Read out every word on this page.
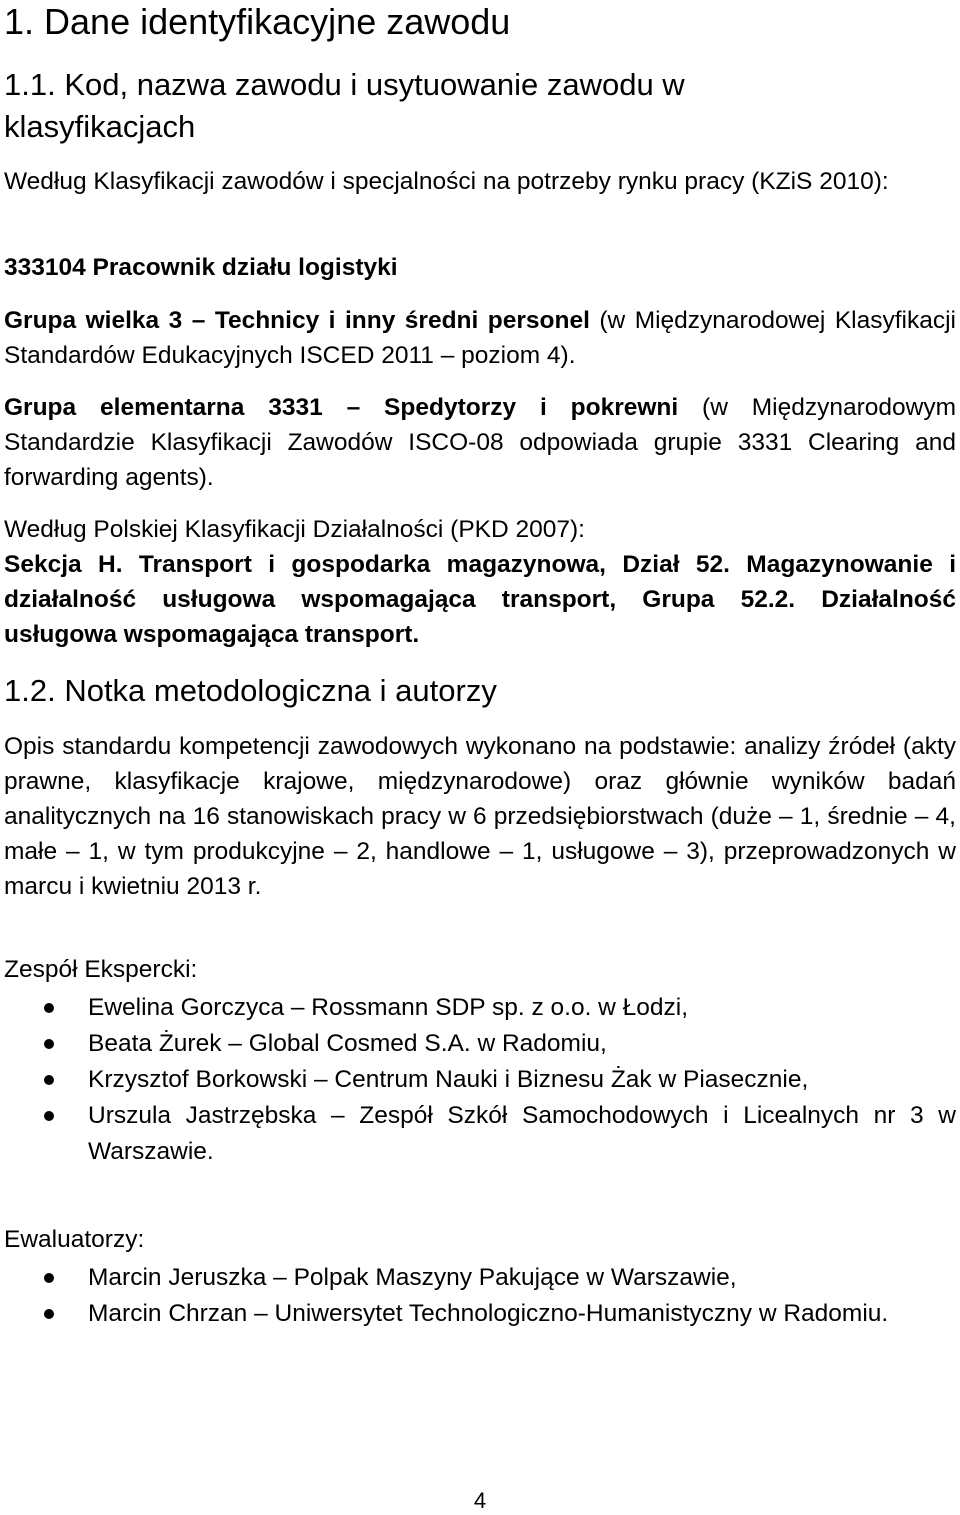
1. Dane identyfikacyjne zawodu
1.1. Kod, nazwa zawodu i usytuowanie zawodu w klasyfikacjach

Według Klasyfikacji zawodów i specjalności na potrzeby rynku pracy (KZiS 2010):

333104 Pracownik działu logistyki

Grupa wielka 3 – Technicy i inny średni personel (w Międzynarodowej Klasyfikacji Standardów Edukacyjnych ISCED 2011 – poziom 4).

Grupa elementarna 3331 – Spedytorzy i pokrewni (w Międzynarodowym Standardzie Klasyfikacji Zawodów ISCO-08 odpowiada grupie 3331 Clearing and forwarding agents).

Według Polskiej Klasyfikacji Działalności (PKD 2007):

Sekcja H. Transport i gospodarka magazynowa, Dział 52. Magazynowanie i działalność usługowa wspomagająca transport, Grupa 52.2. Działalność usługowa wspomagająca transport.

1.2. Notka metodologiczna i autorzy

Opis standardu kompetencji zawodowych wykonano na podstawie: analizy źródeł (akty prawne, klasyfikacje krajowe, międzynarodowe) oraz głównie wyników badań analitycznych na 16 stanowiskach pracy w 6 przedsiębiorstwach (duże – 1, średnie – 4, małe – 1, w tym produkcyjne – 2, handlowe – 1, usługowe – 3), przeprowadzonych w marcu i kwietniu 2013 r.

Zespół Ekspercki:

Ewelina Gorczyca – Rossmann SDP sp. z o.o. w Łodzi,
Beata Żurek – Global Cosmed S.A. w Radomiu,
Krzysztof Borkowski – Centrum Nauki i Biznesu Żak w Piasecznie,
Urszula Jastrzębska – Zespół Szkół Samochodowych i Licealnych nr 3 w Warszawie.

Ewaluatorzy:

Marcin Jeruszka – Polpak Maszyny Pakujące w Warszawie,
Marcin Chrzan – Uniwersytet Technologiczno-Humanistyczny w Radomiu.
4
